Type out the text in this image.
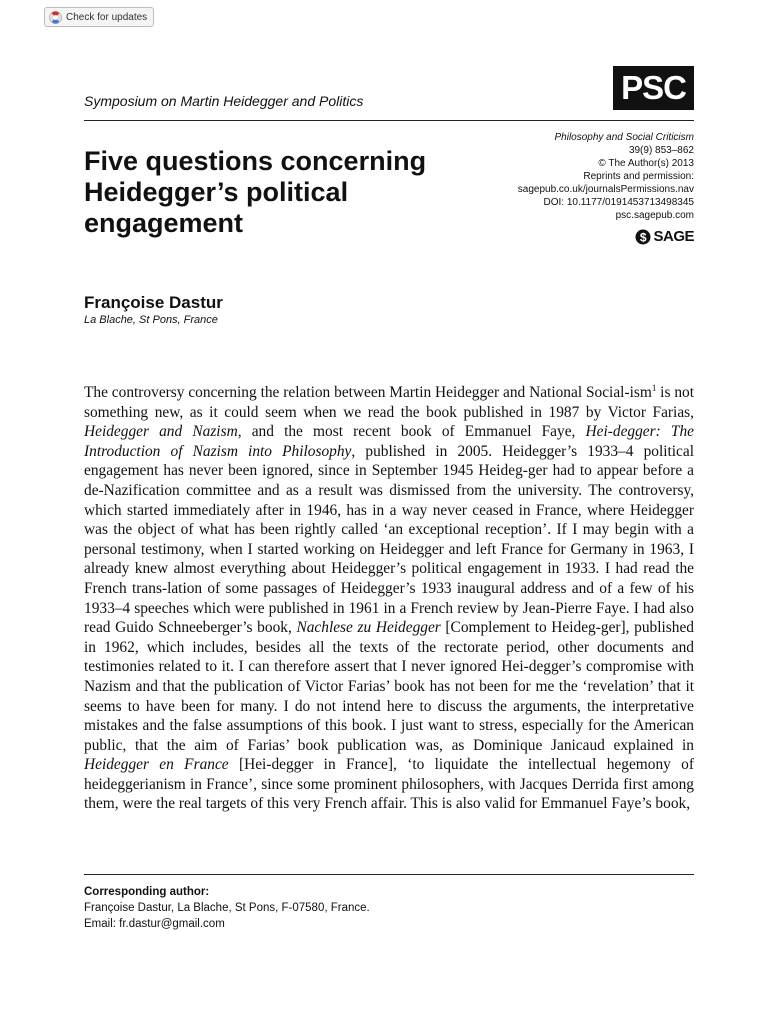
Check for updates
Symposium on Martin Heidegger and Politics	PSC
Five questions concerning Heidegger’s political engagement
Philosophy and Social Criticism
39(9) 853–862
© The Author(s) 2013
Reprints and permission:
sagepub.co.uk/journalsPermissions.nav
DOI: 10.1177/0191453713498345
psc.sagepub.com
$ SAGE
Françoise Dastur
La Blache, St Pons, France

The controversy concerning the relation between Martin Heidegger and National Social-ism$^1$ is not something new, as it could seem when we read the book published in 1987 by Victor Farias, Heidegger and Nazism, and the most recent book of Emmanuel Faye, Hei-degger: The Introduction of Nazism into Philosophy, published in 2005. Heidegger’s 1933–4 political engagement has never been ignored, since in September 1945 Heideg-ger had to appear before a de-Nazification committee and as a result was dismissed from the university. The controversy, which started immediately after in 1946, has in a way never ceased in France, where Heidegger was the object of what has been rightly called ‘an exceptional reception’. If I may begin with a personal testimony, when I started working on Heidegger and left France for Germany in 1963, I already knew almost everything about Heidegger’s political engagement in 1933. I had read the French trans-lation of some passages of Heidegger’s 1933 inaugural address and of a few of his 1933–4 speeches which were published in 1961 in a French review by Jean-Pierre Faye. I had also read Guido Schneeberger’s book, Nachlese zu Heidegger [Complement to Heideg-ger], published in 1962, which includes, besides all the texts of the rectorate period, other documents and testimonies related to it. I can therefore assert that I never ignored Hei-degger’s compromise with Nazism and that the publication of Victor Farias’ book has not been for me the ‘revelation’ that it seems to have been for many. I do not intend here to discuss the arguments, the interpretative mistakes and the false assumptions of this book. I just want to stress, especially for the American public, that the aim of Farias’ book publication was, as Dominique Janicaud explained in Heidegger en France [Hei-degger in France], ‘to liquidate the intellectual hegemony of heideggerianism in France’, since some prominent philosophers, with Jacques Derrida first among them, were the real targets of this very French affair. This is also valid for Emmanuel Faye’s book,

Corresponding author:
Françoise Dastur, La Blache, St Pons, F-07580, France.
Email: fr.dastur@gmail.com
